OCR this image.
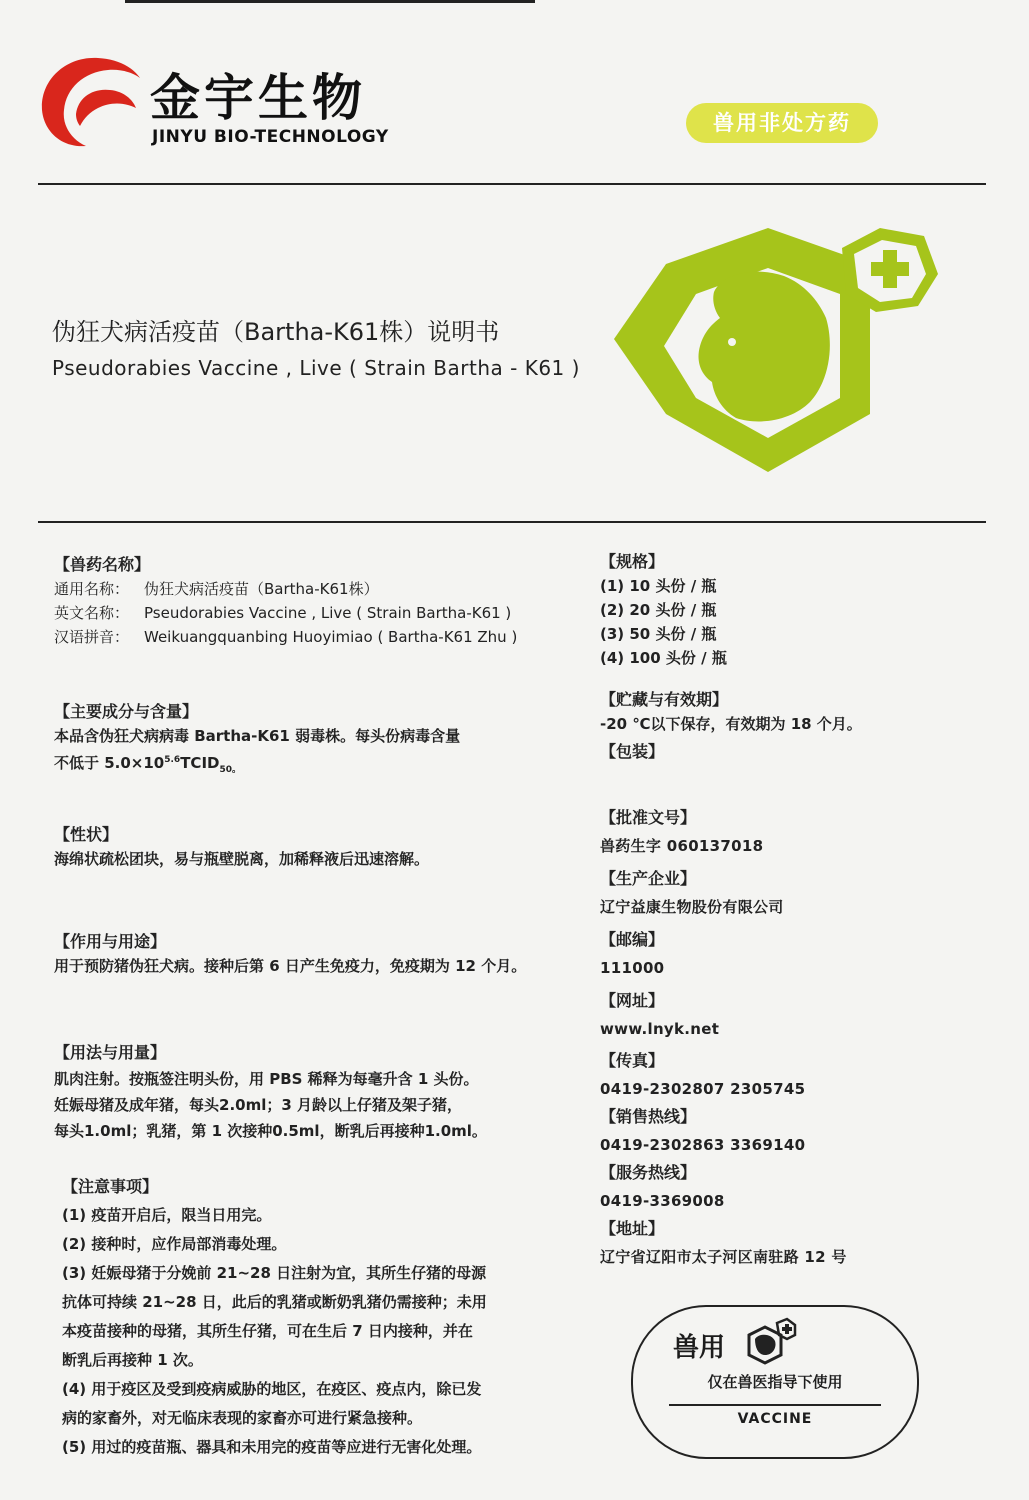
金宇生物
JINYU BIO-TECHNOLOGY
兽用非处方药
伪狂犬病活疫苗（Bartha-K61株）说明书
Pseudorabies Vaccine , Live ( Strain Bartha - K61 )
【兽药名称】
通用名称： 伪狂犬病活疫苗（Bartha-K61株）
英文名称： Pseudorabies Vaccine , Live ( Strain Bartha-K61 )
汉语拼音： Weikuangquanbing Huoyimiao ( Bartha-K61 Zhu )
【主要成分与含量】
本品含伪狂犬病病毒 Bartha-K61 弱毒株。每头份病毒含量
不低于 $5.0\times 10^{5.6}TCID_{50。}$
【性状】
海绵状疏松团块，易与瓶壁脱离，加稀释液后迅速溶解。
【作用与用途】
用于预防猪伪狂犬病。接种后第 6 日产生免疫力，免疫期为 12 个月。
【用法与用量】
肌肉注射。按瓶签注明头份，用 PBS 稀释为每毫升含 1 头份。
妊娠母猪及成年猪，每头2.0ml；3 月龄以上仔猪及架子猪，
每头1.0ml；乳猪，第 1 次接种0.5ml，断乳后再接种1.0ml。
【注意事项】
(1) 疫苗开启后，限当日用完。
(2) 接种时，应作局部消毒处理。
(3) 妊娠母猪于分娩前 21~28 日注射为宜，其所生仔猪的母源
抗体可持续 21~28 日，此后的乳猪或断奶乳猪仍需接种；未用
本疫苗接种的母猪，其所生仔猪，可在生后 7 日内接种，并在
断乳后再接种 1 次。
(4) 用于疫区及受到疫病威胁的地区，在疫区、疫点内，除已发
病的家畜外，对无临床表现的家畜亦可进行紧急接种。
(5) 用过的疫苗瓶、器具和未用完的疫苗等应进行无害化处理。
【规格】
(1) 10 头份 / 瓶
(2) 20 头份 / 瓶
(3) 50 头份 / 瓶
(4) 100 头份 / 瓶
【贮藏与有效期】
-20 ℃以下保存，有效期为 18 个月。
【包装】
【批准文号】
兽药生字 060137018
【生产企业】
辽宁益康生物股份有限公司
【邮编】
111000
【网址】
www.lnyk.net
【传真】
0419-2302807 2305745
【销售热线】
0419-2302863 3369140
【服务热线】
0419-3369008
【地址】
辽宁省辽阳市太子河区南驻路 12 号
兽用
仅在兽医指导下使用
VACCINE
